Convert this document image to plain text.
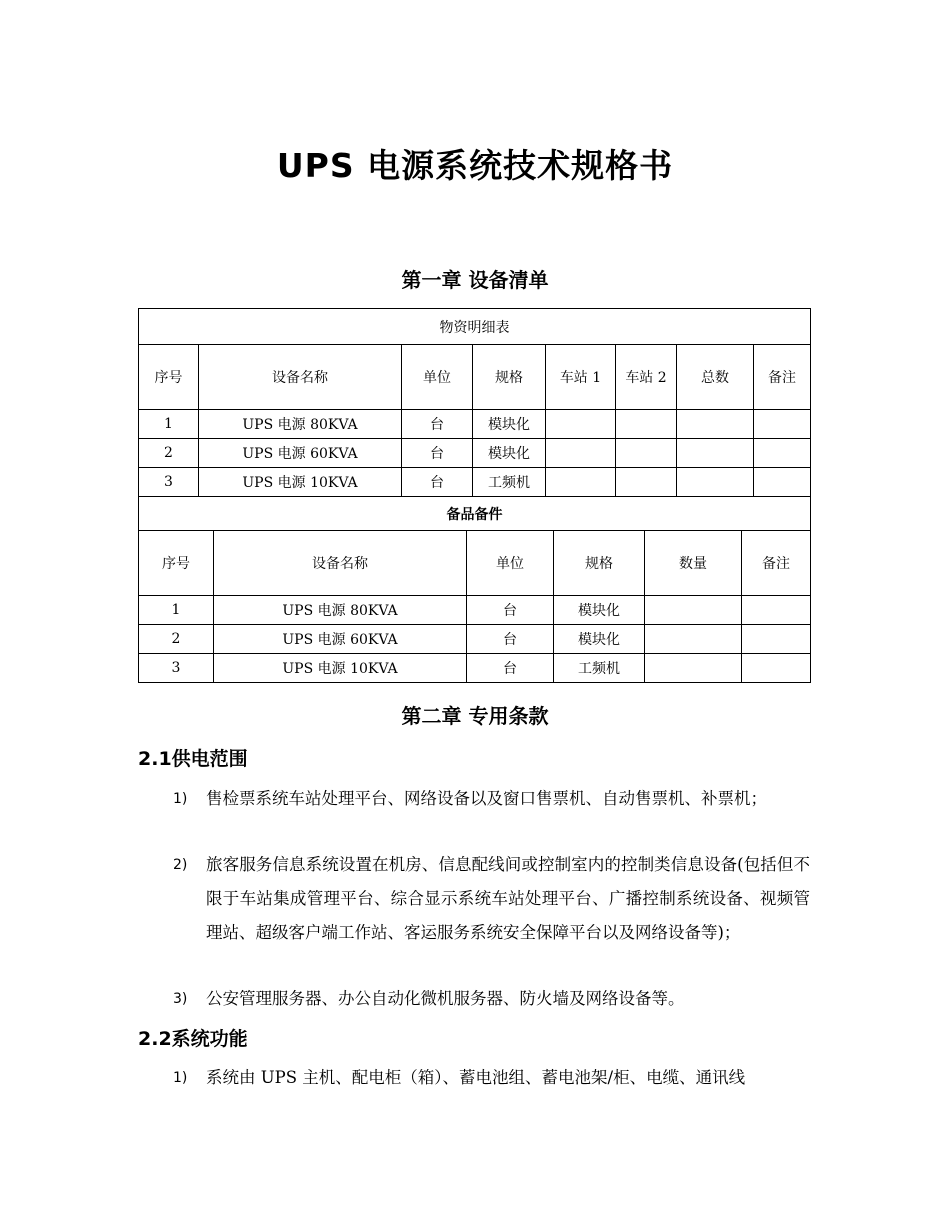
UPS 电源系统技术规格书
第一章 设备清单
物资明细表							
序号	设备名称	单位	规格	车站 1	车站 2	总数	备注
1	UPS 电源 80KVA	台	模块化				
2	UPS 电源 60KVA	台	模块化				
3	UPS 电源 10KVA	台	工频机				
备品备件					
序号	设备名称	单位	规格	数量	备注
1	UPS 电源 80KVA	台	模块化		
2	UPS 电源 60KVA	台	模块化		
3	UPS 电源 10KVA	台	工频机		
第二章 专用条款
2.1供电范围
1) 售检票系统车站处理平台、网络设备以及窗口售票机、自动售票机、补票机；
2) 旅客服务信息系统设置在机房、信息配线间或控制室内的控制类信息设备(包括但不限于车站集成管理平台、综合显示系统车站处理平台、广播控制系统设备、视频管理站、超级客户端工作站、客运服务系统安全保障平台以及网络设备等)；
3) 公安管理服务器、办公自动化微机服务器、防火墙及网络设备等。
2.2系统功能
1) 系统由 UPS 主机、配电柜（箱）、蓄电池组、蓄电池架/柜、电缆、通讯线
